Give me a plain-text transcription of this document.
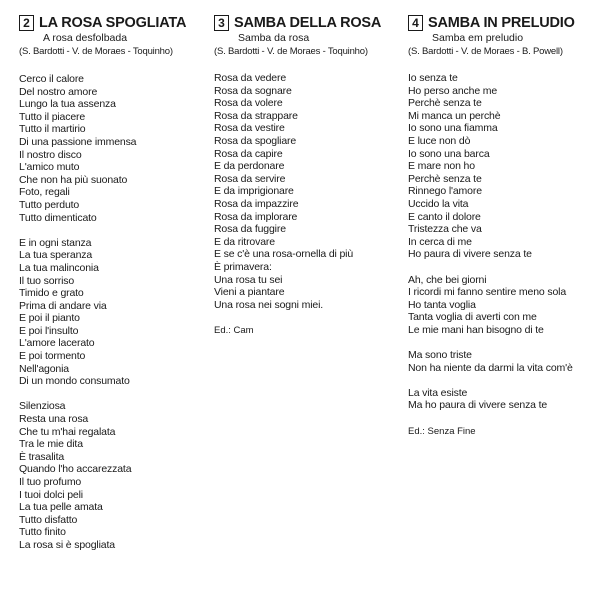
2 LA ROSA SPOGLIATA
A rosa desfolbada
(S. Bardotti - V. de Moraes - Toquinho)
Cerco il calore
Del nostro amore
Lungo la tua assenza
Tutto il piacere
Tutto il martirio
Di una passione immensa
Il nostro disco
L'amico muto
Che non ha più suonato
Foto, regali
Tutto perduto
Tutto dimenticato
E in ogni stanza
La tua speranza
La tua malinconia
Il tuo sorriso
Timido e grato
Prima di andare via
E poi il pianto
E poi l'insulto
L'amore lacerato
E poi tormento
Nell'agonia
Di un mondo consumato
Silenziosa
Resta una rosa
Che tu m'hai regalata
Tra le mie dita
È trasalita
Quando l'ho accarezzata
Il tuo profumo
I tuoi dolci peli
La tua pelle amata
Tutto disfatto
Tutto finito
La rosa si è spogliata
3 SAMBA DELLA ROSA
Samba da rosa
(S. Bardotti - V. de Moraes - Toquinho)
Rosa da vedere
Rosa da sognare
Rosa da volere
Rosa da strappare
Rosa da vestire
Rosa da spogliare
Rosa da capire
E da perdonare
Rosa da servire
E da imprigionare
Rosa da impazzire
Rosa da implorare
Rosa da fuggire
E da ritrovare
E se c'è una rosa-ornella di più
È primavera:
Una rosa tu sei
Vieni a piantare
Una rosa nei sogni miei.
Ed.: Cam
4 SAMBA IN PRELUDIO
Samba em preludio
(S. Bardotti - V. de Moraes - B. Powell)
Io senza te
Ho perso anche me
Perchè senza te
Mi manca un perchè
Io sono una fiamma
E luce non dò
Io sono una barca
E mare non ho
Perchè senza te
Rinnego l'amore
Uccido la vita
E canto il dolore
Tristezza che va
In cerca di me
Ho paura di vivere senza te
Ah, che bei giorni
I ricordi mi fanno sentire meno sola
Ho tanta voglia
Tanta voglia di averti con me
Le mie mani han bisogno di te
Ma sono triste
Non ha niente da darmi la vita com'è
La vita esiste
Ma ho paura di vivere senza te
Ed.: Senza Fine
